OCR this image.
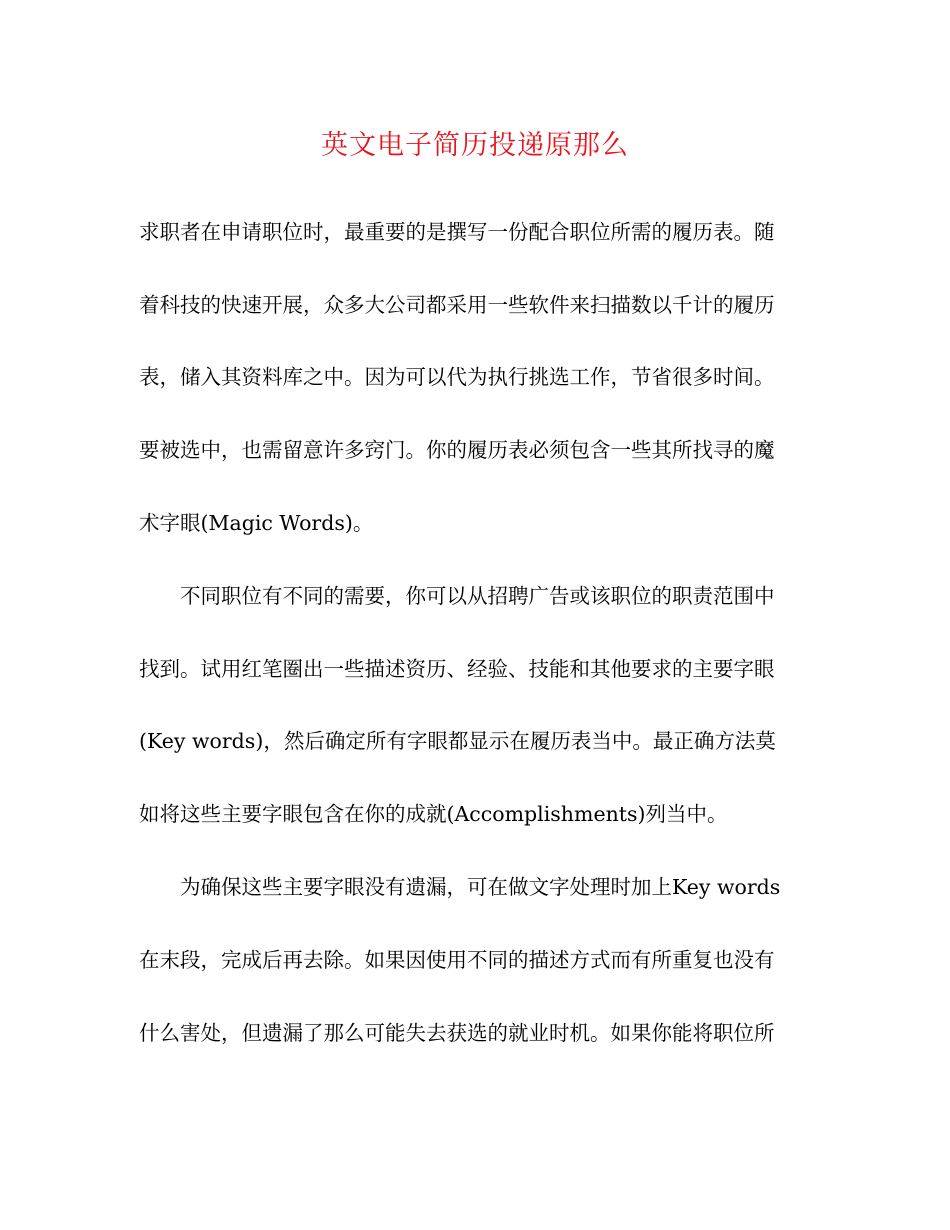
英文电子简历投递原那么

求职者在申请职位时，最重要的是撰写一份配合职位所需的履历表。随

着科技的快速开展，众多大公司都采用一些软件来扫描数以千计的履历

表，储入其资料库之中。因为可以代为执行挑选工作，节省很多时间。

要被选中，也需留意许多窍门。你的履历表必须包含一些其所找寻的魔

术字眼(Magic Words)。

不同职位有不同的需要，你可以从招聘广告或该职位的职责范围中

找到。试用红笔圈出一些描述资历、经验、技能和其他要求的主要字眼

(Key words)，然后确定所有字眼都显示在履历表当中。最正确方法莫

如将这些主要字眼包含在你的成就(Accomplishments)列当中。

为确保这些主要字眼没有遗漏，可在做文字处理时加上Key words

在末段，完成后再去除。如果因使用不同的描述方式而有所重复也没有

什么害处，但遗漏了那么可能失去获选的就业时机。如果你能将职位所
